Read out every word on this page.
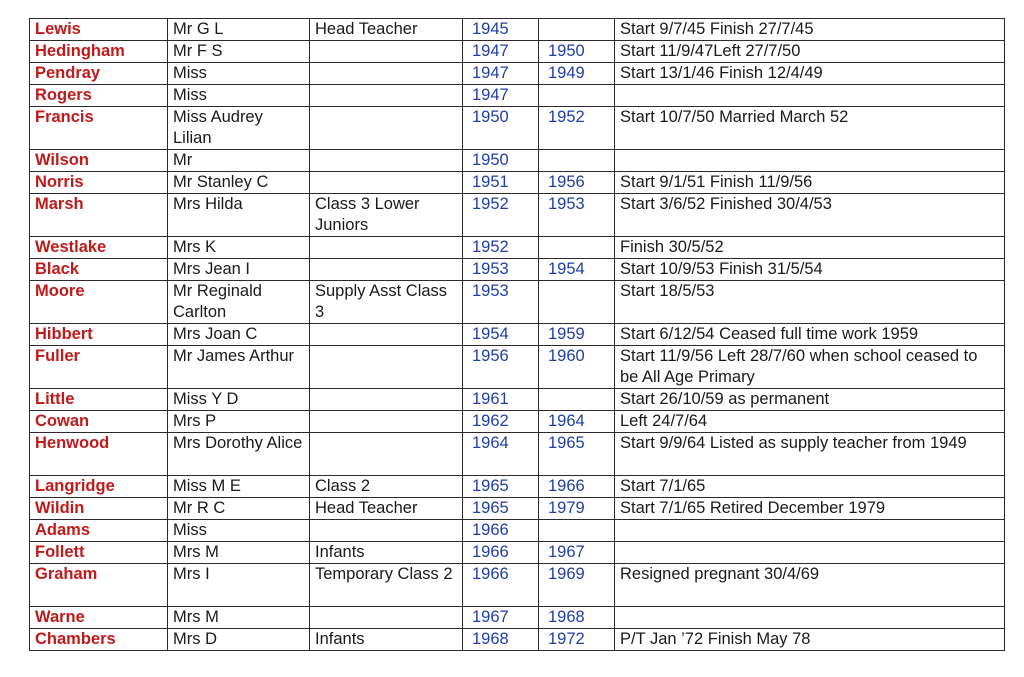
Lewis	Mr G L	Head Teacher	1945		Start 9/7/45 Finish 27/7/45
Hedingham	Mr F S		1947	1950	Start 11/9/47Left 27/7/50
Pendray	Miss		1947	1949	Start 13/1/46 Finish 12/4/49
Rogers	Miss		1947		
Francis	Miss Audrey Lilian		1950	1952	Start 10/7/50 Married March 52
Wilson	Mr		1950		
Norris	Mr Stanley C		1951	1956	Start 9/1/51 Finish 11/9/56
Marsh	Mrs Hilda	Class 3 Lower Juniors	1952	1953	Start 3/6/52 Finished 30/4/53
Westlake	Mrs K		1952		Finish 30/5/52
Black	Mrs Jean I		1953	1954	Start 10/9/53 Finish 31/5/54
Moore	Mr Reginald Carlton	Supply Asst Class 3	1953		Start 18/5/53
Hibbert	Mrs Joan C		1954	1959	Start 6/12/54 Ceased full time work 1959
Fuller	Mr James Arthur		1956	1960	Start 11/9/56 Left 28/7/60 when school ceased to be All Age Primary
Little	Miss Y D		1961		Start 26/10/59 as permanent
Cowan	Mrs P		1962	1964	Left 24/7/64
Henwood	Mrs Dorothy Alice		1964	1965	Start 9/9/64 Listed as supply teacher from 1949
Langridge	Miss M E	Class 2	1965	1966	Start 7/1/65
Wildin	Mr R C	Head Teacher	1965	1979	Start 7/1/65 Retired December 1979
Adams	Miss		1966		
Follett	Mrs M	Infants	1966	1967	
Graham	Mrs I	Temporary Class 2	1966	1969	Resigned pregnant 30/4/69
Warne	Mrs M		1967	1968	
Chambers	Mrs D	Infants	1968	1972	P/T Jan ’72 Finish May 78
